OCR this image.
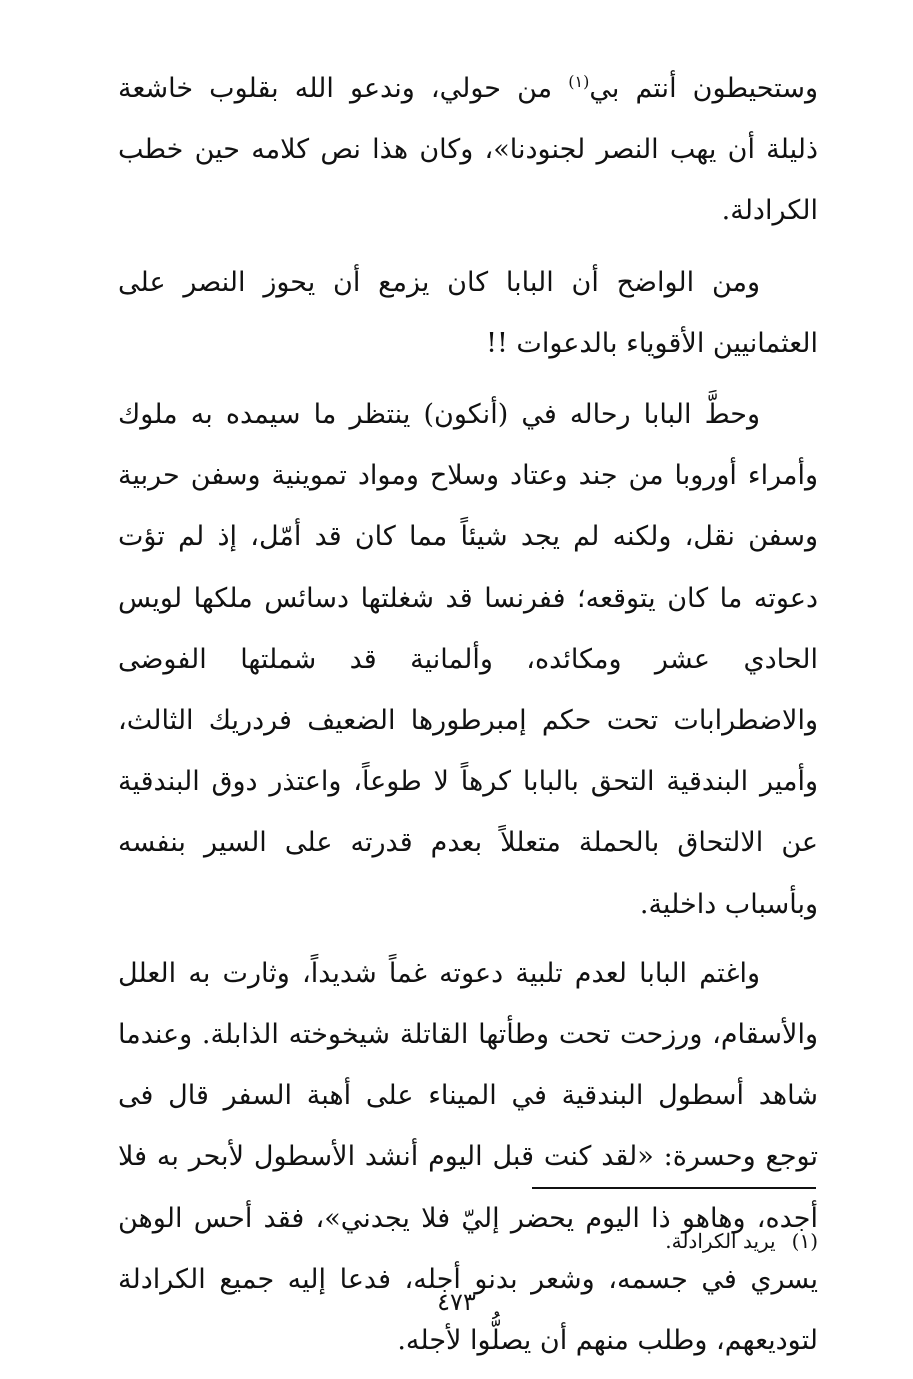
وستحيطون أنتم بي$^{(١)}$ من حولي، وندعو الله بقلوب خاشعة ذليلة أن يهب النصر لجنودنا»، وكان هذا نص كلامه حين خطب الكرادلة.

ومن الواضح أن البابا كان يزمع أن يحوز النصر على العثمانيين الأقوياء بالدعوات !!

وحطَّ البابا رحاله في (أنكون) ينتظر ما سيمده به ملوك وأمراء أوروبا من جند وعتاد وسلاح ومواد تموينية وسفن حربية وسفن نقل، ولكنه لم يجد شيئاً مما كان قد أمّل، إذ لم تؤت دعوته ما كان يتوقعه؛ ففرنسا قد شغلتها دسائس ملكها لويس الحادي عشر ومكائده، وألمانية قد شملتها الفوضى والاضطرابات تحت حكم إمبرطورها الضعيف فردريك الثالث، وأمير البندقية التحق بالبابا كرهاً لا طوعاً، واعتذر دوق البندقية عن الالتحاق بالحملة متعللاً بعدم قدرته على السير بنفسه وبأسباب داخلية.

واغتم البابا لعدم تلبية دعوته غماً شديداً، وثارت به العلل والأسقام، ورزحت تحت وطأتها القاتلة شيخوخته الذابلة. وعندما شاهد أسطول البندقية في الميناء على أهبة السفر قال فى توجع وحسرة: «لقد كنت قبل اليوم أنشد الأسطول لأبحر به فلا أجده، وهاهو ذا اليوم يحضر إليّ فلا يجدني»، فقد أحس الوهن يسري في جسمه، وشعر بدنو أجله، فدعا إليه جميع الكرادلة لتوديعهم، وطلب منهم أن يصلُّوا لأجله.

(١)يريد الكرادلة.
٤٧٣
